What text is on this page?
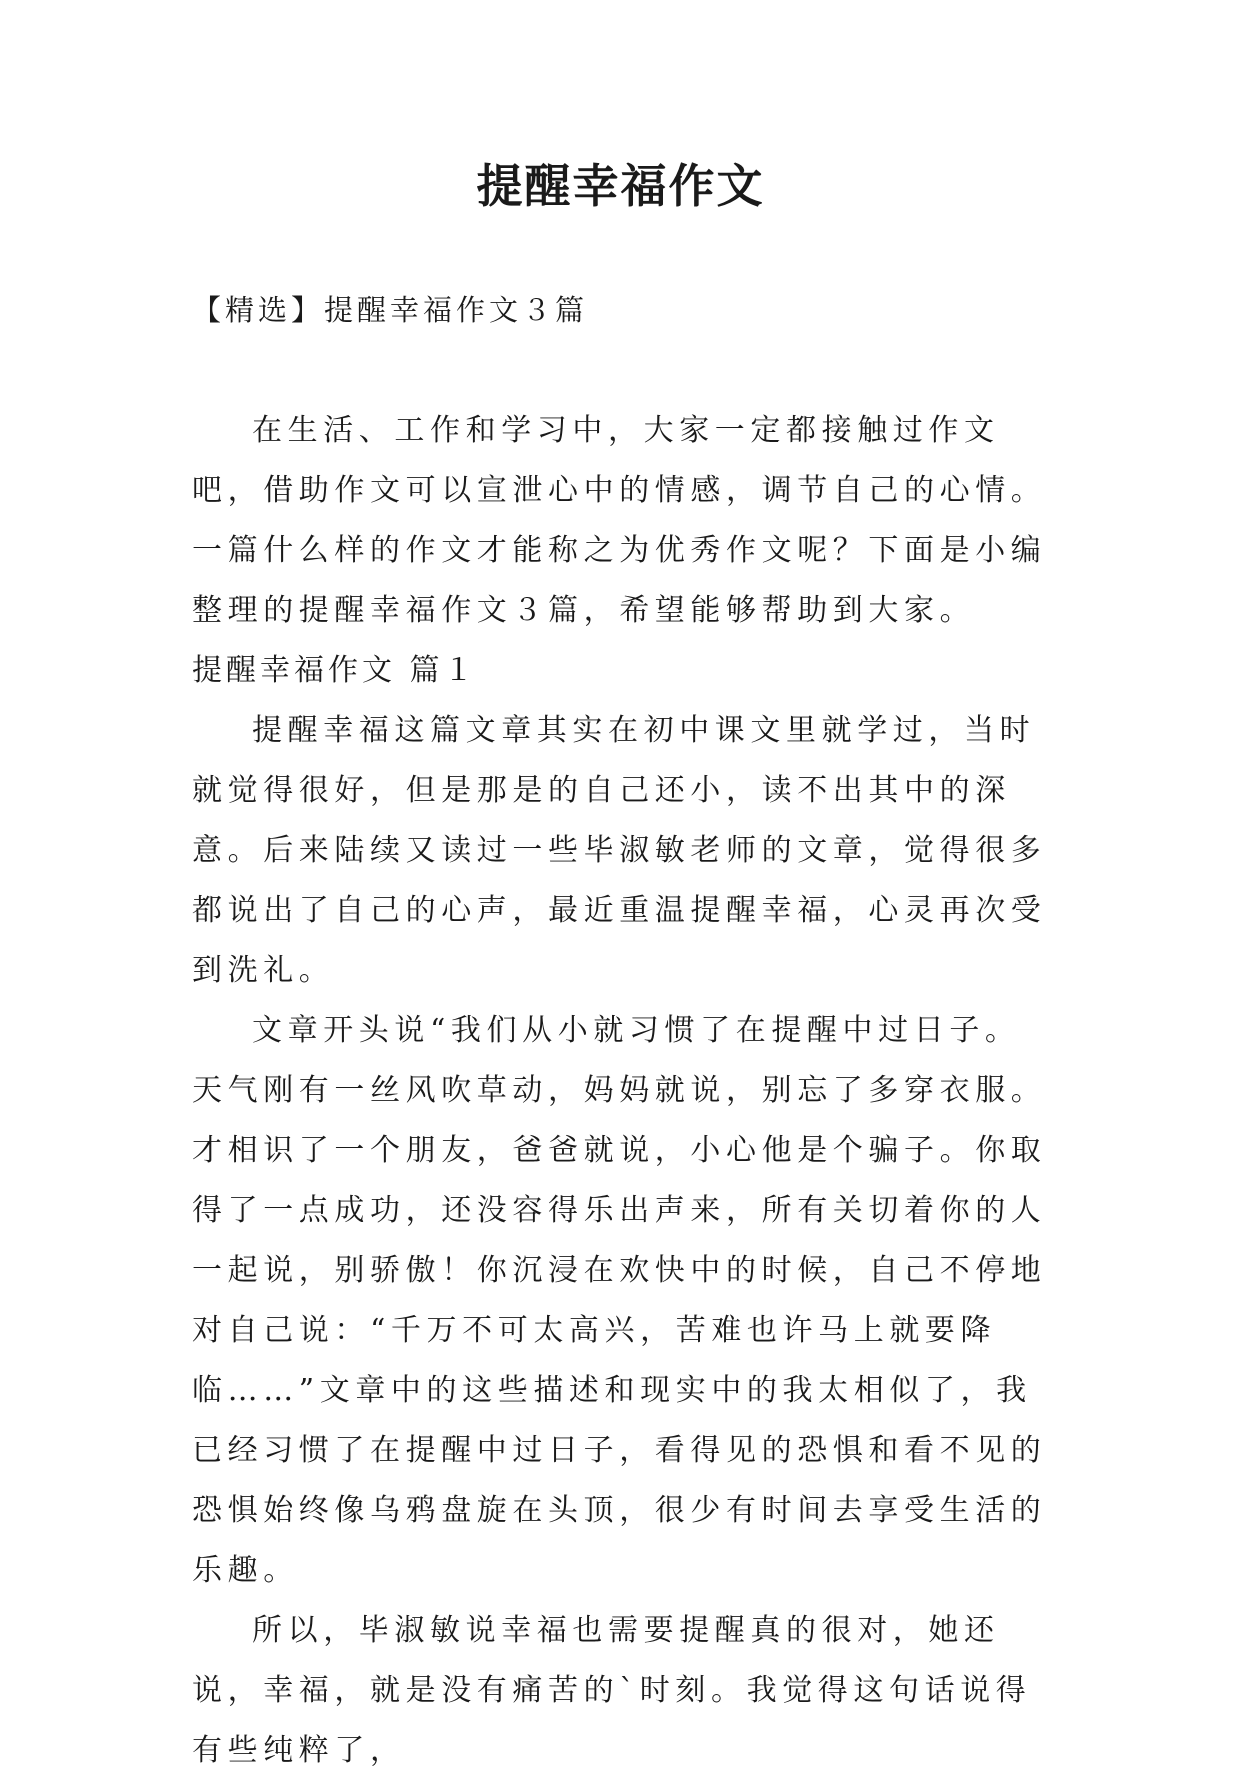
提醒幸福作文

【精选】提醒幸福作文３篇

在生活、工作和学习中，大家一定都接触过作文吧，借助作文可以宣泄心中的情感，调节自己的心情。一篇什么样的作文才能称之为优秀作文呢？下面是小编整理的提醒幸福作文３篇，希望能够帮助到大家。

提醒幸福作文 篇１

提醒幸福这篇文章其实在初中课文里就学过，当时就觉得很好，但是那是的自己还小，读不出其中的深意。后来陆续又读过一些毕淑敏老师的文章，觉得很多都说出了自己的心声，最近重温提醒幸福，心灵再次受到洗礼。

文章开头说“我们从小就习惯了在提醒中过日子。天气刚有一丝风吹草动，妈妈就说，别忘了多穿衣服。才相识了一个朋友，爸爸就说，小心他是个骗子。你取得了一点成功，还没容得乐出声来，所有关切着你的人一起说，别骄傲！你沉浸在欢快中的时候，自己不停地对自己说：“千万不可太高兴，苦难也许马上就要降临……”文章中的这些描述和现实中的我太相似了，我已经习惯了在提醒中过日子，看得见的恐惧和看不见的恐惧始终像乌鸦盘旋在头顶，很少有时间去享受生活的乐趣。

所以，毕淑敏说幸福也需要提醒真的很对，她还说，幸福，就是没有痛苦的`时刻。我觉得这句话说得有些纯粹了，
